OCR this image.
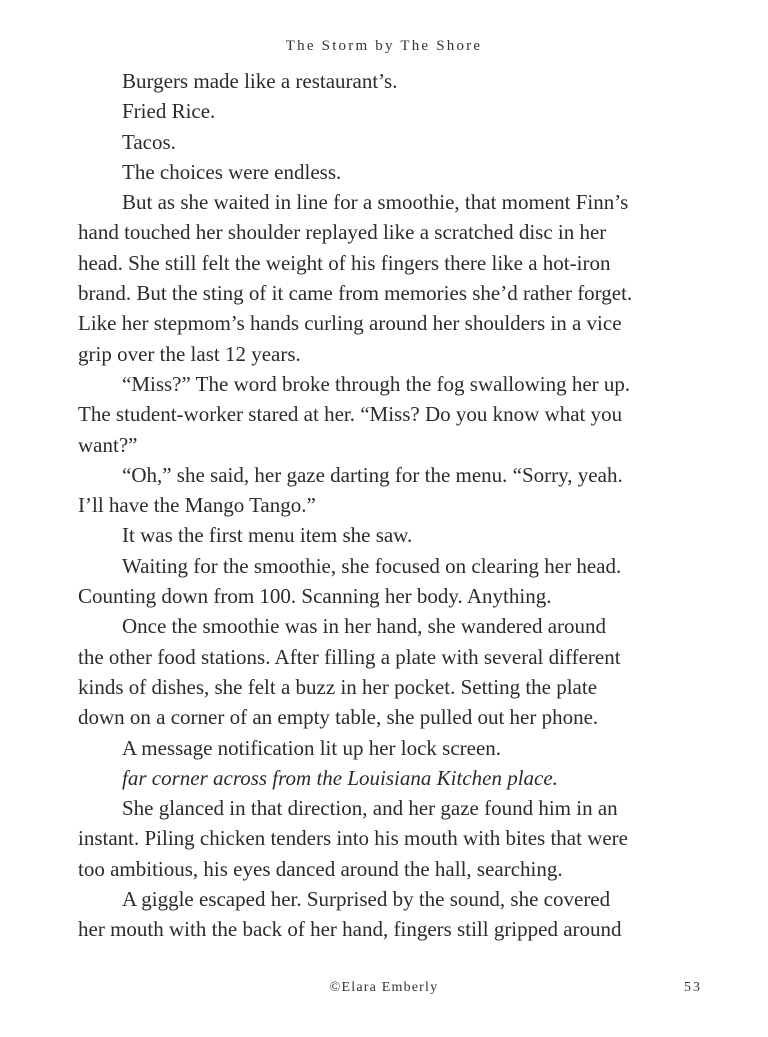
The Storm by The Shore
Burgers made like a restaurant’s.
Fried Rice.
Tacos.
The choices were endless.
But as she waited in line for a smoothie, that moment Finn’s
hand touched her shoulder replayed like a scratched disc in her
head. She still felt the weight of his fingers there like a hot-iron
brand. But the sting of it came from memories she’d rather forget.
Like her stepmom’s hands curling around her shoulders in a vice
grip over the last 12 years.
“Miss?” The word broke through the fog swallowing her up.
The student-worker stared at her. “Miss? Do you know what you
want?”
“Oh,” she said, her gaze darting for the menu. “Sorry, yeah.
I’ll have the Mango Tango.”
It was the first menu item she saw.
Waiting for the smoothie, she focused on clearing her head.
Counting down from 100. Scanning her body. Anything.
Once the smoothie was in her hand, she wandered around
the other food stations. After filling a plate with several different
kinds of dishes, she felt a buzz in her pocket. Setting the plate
down on a corner of an empty table, she pulled out her phone.
A message notification lit up her lock screen.
far corner across from the Louisiana Kitchen place.
She glanced in that direction, and her gaze found him in an
instant. Piling chicken tenders into his mouth with bites that were
too ambitious, his eyes danced around the hall, searching.
A giggle escaped her. Surprised by the sound, she covered
her mouth with the back of her hand, fingers still gripped around
©Elara Emberly	53
